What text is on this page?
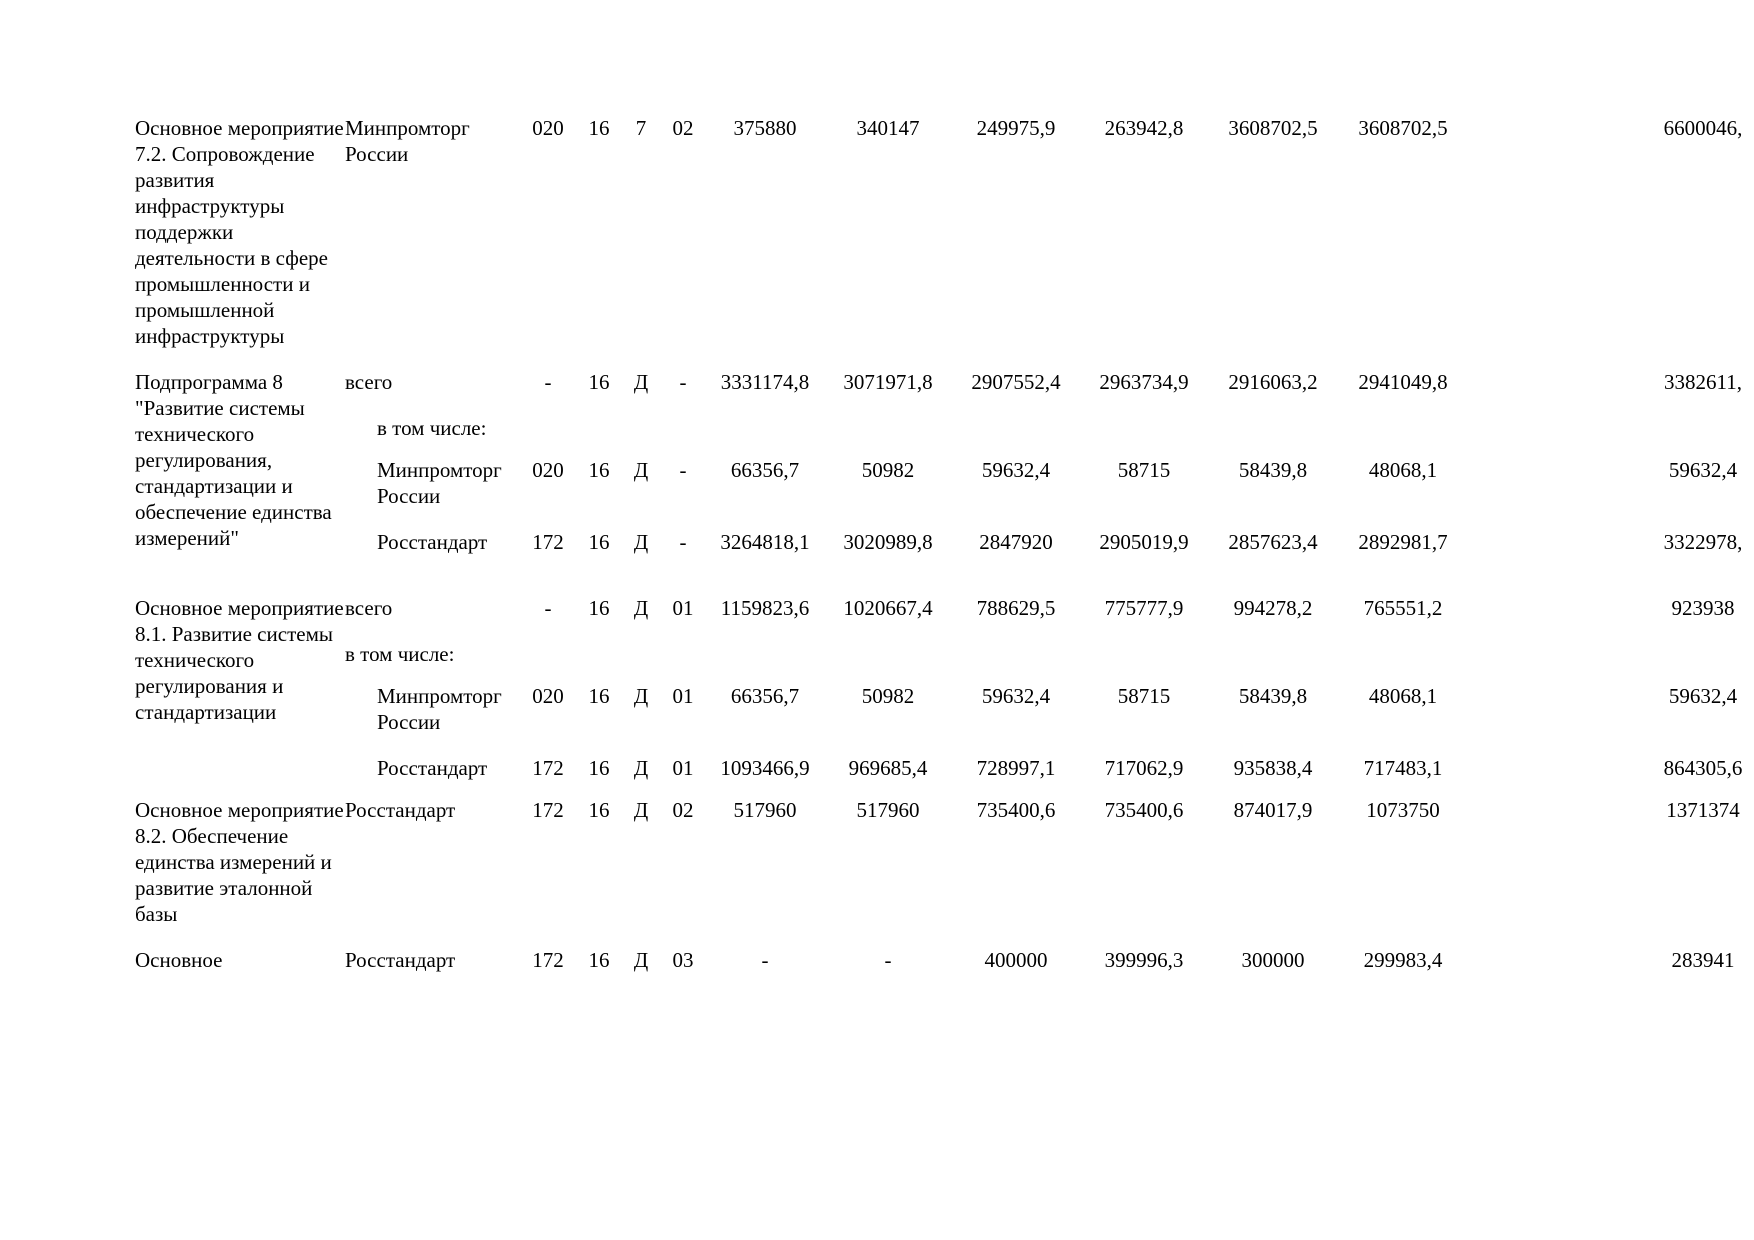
Основное мероприятие 7.2. Сопровождение развития инфраструктуры поддержки деятельности в сфере промышленности и промышленной инфраструктуры	Минпромторг России	020	16	7	02	375880	340147	249975,9	263942,8	3608702,5	3608702,5	6600046,
Подпрограмма 8 "Развитие системы технического регулирования, стандартизации и обеспечение единства измерений"	всего	-	16	Д	-	3331174,8	3071971,8	2907552,4	2963734,9	2916063,2	2941049,8	3382611,
	в том числе:											
	Минпромторг России	020	16	Д	-	66356,7	50982	59632,4	58715	58439,8	48068,1	59632,4
	Росстандарт	172	16	Д	-	3264818,1	3020989,8	2847920	2905019,9	2857623,4	2892981,7	3322978,
Основное мероприятие 8.1. Развитие системы технического регулирования и стандартизации	всего	-	16	Д	01	1159823,6	1020667,4	788629,5	775777,9	994278,2	765551,2	923938
	в том числе:											
	Минпромторг России	020	16	Д	01	66356,7	50982	59632,4	58715	58439,8	48068,1	59632,4
	Росстандарт	172	16	Д	01	1093466,9	969685,4	728997,1	717062,9	935838,4	717483,1	864305,6
Основное мероприятие 8.2. Обеспечение единства измерений и развитие эталонной базы	Росстандарт	172	16	Д	02	517960	517960	735400,6	735400,6	874017,9	1073750	1371374
Основное	Росстандарт	172	16	Д	03	-	-	400000	399996,3	300000	299983,4	283941
